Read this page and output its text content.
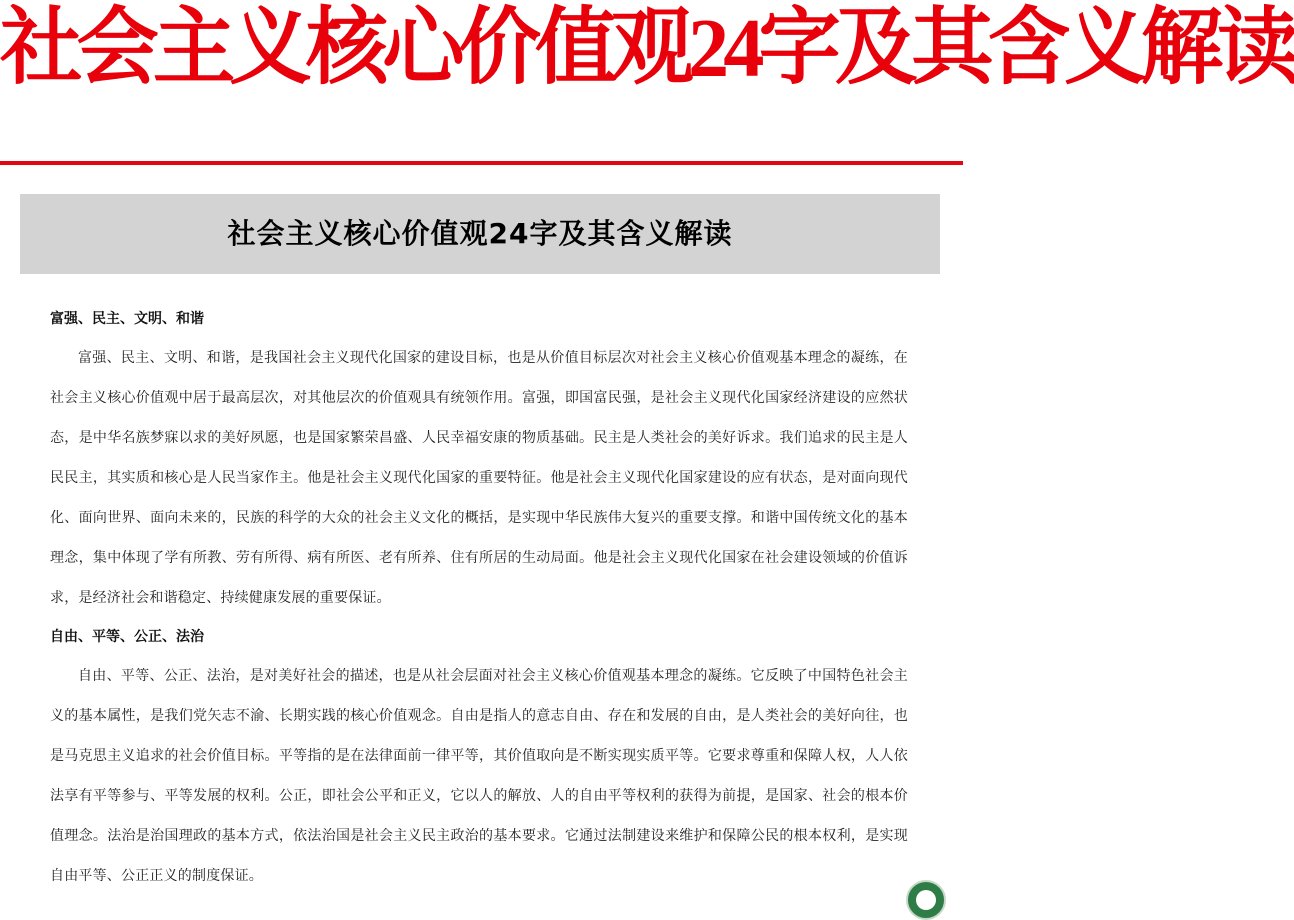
社会主义核心价值观24字及其含义解读
社会主义核心价值观24字及其含义解读
富强、民主、文明、和谐

富强、民主、文明、和谐，是我国社会主义现代化国家的建设目标，也是从价值目标层次对社会主义核心价值观基本理念的凝练，在社会主义核心价值观中居于最高层次，对其他层次的价值观具有统领作用。富强，即国富民强，是社会主义现代化国家经济建设的应然状态，是中华名族梦寐以求的美好夙愿，也是国家繁荣昌盛、人民幸福安康的物质基础。民主是人类社会的美好诉求。我们追求的民主是人民民主，其实质和核心是人民当家作主。他是社会主义现代化国家的重要特征。他是社会主义现代化国家建设的应有状态，是对面向现代化、面向世界、面向未来的，民族的科学的大众的社会主义文化的概括，是实现中华民族伟大复兴的重要支撑。和谐中国传统文化的基本理念，集中体现了学有所教、劳有所得、病有所医、老有所养、住有所居的生动局面。他是社会主义现代化国家在社会建设领域的价值诉求，是经济社会和谐稳定、持续健康发展的重要保证。

自由、平等、公正、法治

自由、平等、公正、法治，是对美好社会的描述，也是从社会层面对社会主义核心价值观基本理念的凝练。它反映了中国特色社会主义的基本属性，是我们党矢志不渝、长期实践的核心价值观念。自由是指人的意志自由、存在和发展的自由，是人类社会的美好向往，也是马克思主义追求的社会价值目标。平等指的是在法律面前一律平等，其价值取向是不断实现实质平等。它要求尊重和保障人权，人人依法享有平等参与、平等发展的权利。公正，即社会公平和正义，它以人的解放、人的自由平等权利的获得为前提，是国家、社会的根本价值理念。法治是治国理政的基本方式，依法治国是社会主义民主政治的基本要求。它通过法制建设来维护和保障公民的根本权利，是实现自由平等、公正正义的制度保证。
